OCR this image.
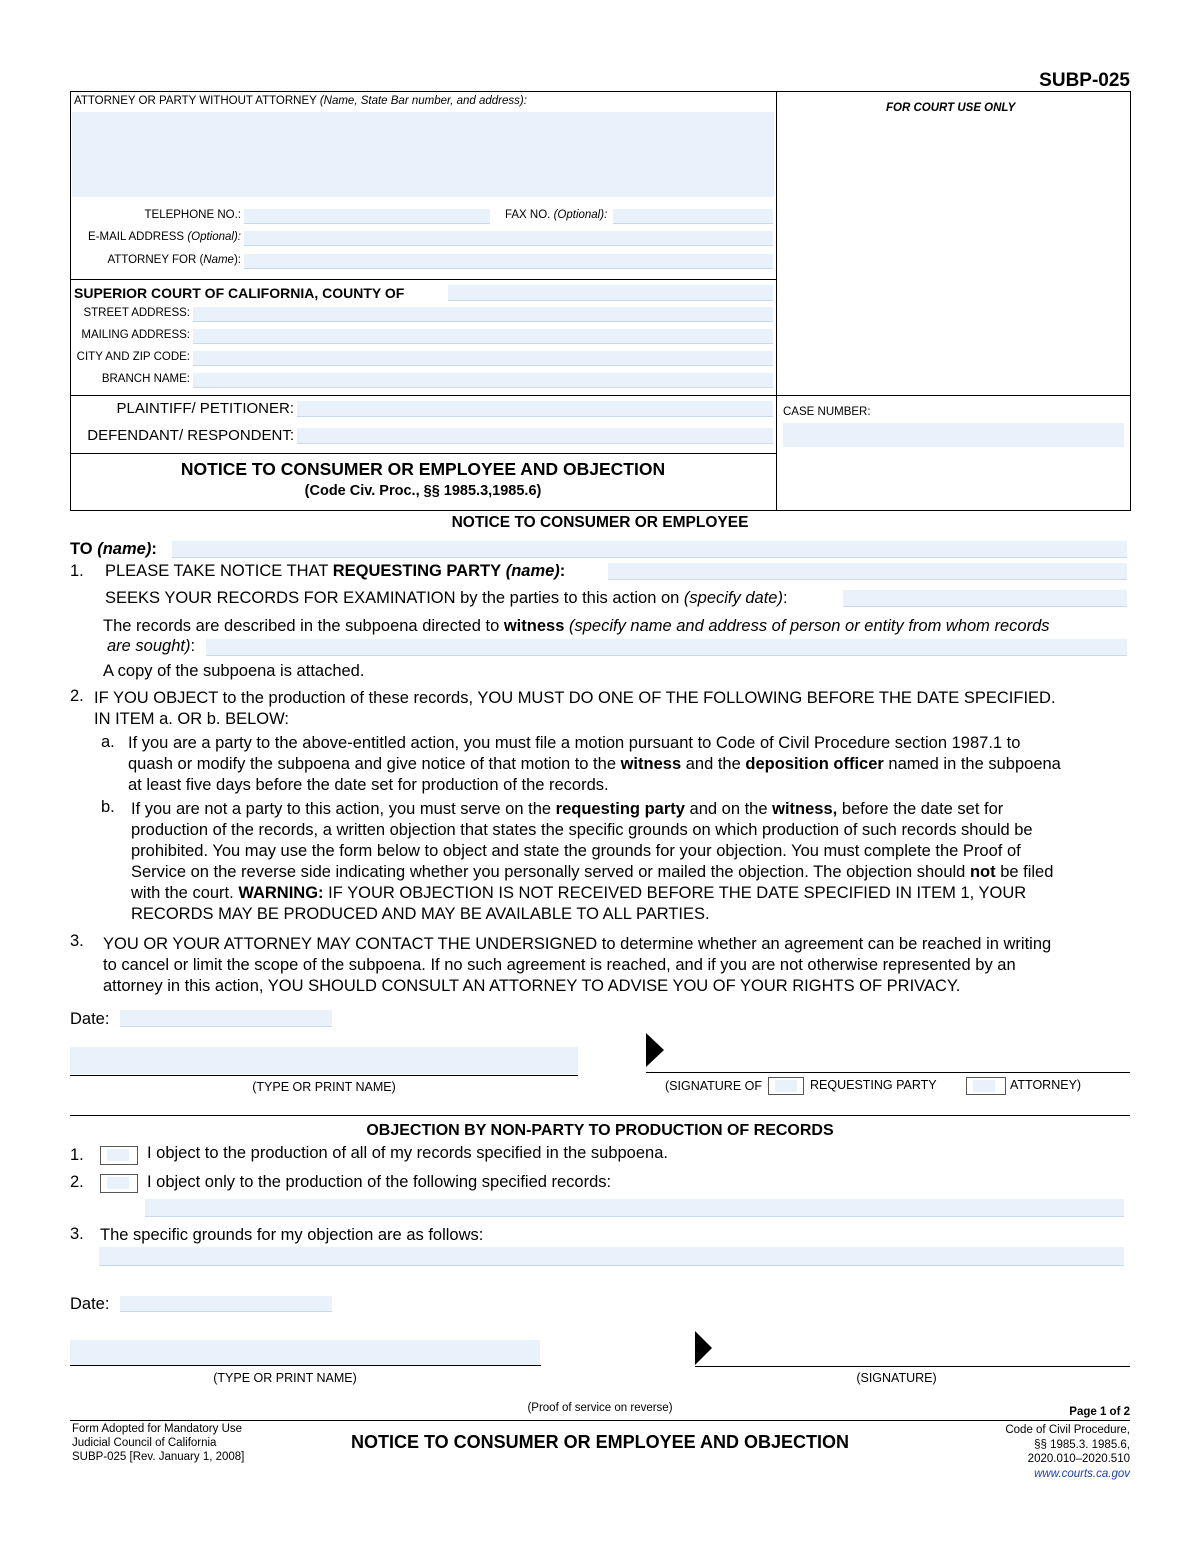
SUBP-025
ATTORNEY OR PARTY WITHOUT ATTORNEY (Name, State Bar number, and address):
FOR COURT USE ONLY
TELEPHONE NO.:	FAX NO. (Optional):
E-MAIL ADDRESS (Optional):
ATTORNEY FOR (Name):
SUPERIOR COURT OF CALIFORNIA, COUNTY OF
STREET ADDRESS:
MAILING ADDRESS:
CITY AND ZIP CODE:
BRANCH NAME:
PLAINTIFF/ PETITIONER:
DEFENDANT/ RESPONDENT:
CASE NUMBER:
NOTICE TO CONSUMER OR EMPLOYEE AND OBJECTION
(Code Civ. Proc., §§ 1985.3,1985.6)
NOTICE TO CONSUMER OR EMPLOYEE
TO (name):
1. PLEASE TAKE NOTICE THAT REQUESTING PARTY (name):
SEEKS YOUR RECORDS FOR EXAMINATION by the parties to this action on (specify date):
The records are described in the subpoena directed to witness (specify name and address of person or entity from whom records
are sought):
A copy of the subpoena is attached.
2. IF YOU OBJECT to the production of these records, YOU MUST DO ONE OF THE FOLLOWING BEFORE THE DATE SPECIFIED.
IN ITEM a. OR b. BELOW:
a. If you are a party to the above-entitled action, you must file a motion pursuant to Code of Civil Procedure section 1987.1 to

quash or modify the subpoena and give notice of that motion to the witness and the deposition officer named in the subpoena

at least five days before the date set for production of the records.

b. If you are not a party to this action, you must serve on the requesting party and on the witness, before the date set for

production of the records, a written objection that states the specific grounds on which production of such records should be

prohibited. You may use the form below to object and state the grounds for your objection. You must complete the Proof of

Service on the reverse side indicating whether you personally served or mailed the objection. The objection should not be filed

with the court. WARNING: IF YOUR OBJECTION IS NOT RECEIVED BEFORE THE DATE SPECIFIED IN ITEM 1, YOUR

RECORDS MAY BE PRODUCED AND MAY BE AVAILABLE TO ALL PARTIES.

3. YOU OR YOUR ATTORNEY MAY CONTACT THE UNDERSIGNED to determine whether an agreement can be reached in writing

to cancel or limit the scope of the subpoena. If no such agreement is reached, and if you are not otherwise represented by an

attorney in this action, YOU SHOULD CONSULT AN ATTORNEY TO ADVISE YOU OF YOUR RIGHTS OF PRIVACY.

Date:
(TYPE OR PRINT NAME)	(SIGNATURE OF	REQUESTING PARTY	ATTORNEY)
OBJECTION BY NON-PARTY TO PRODUCTION OF RECORDS
1.	I object to the production of all of my records specified in the subpoena.
2.	I object only to the production of the following specified records:
3. The specific grounds for my objection are as follows:
Date:
(TYPE OR PRINT NAME)	(SIGNATURE)
(Proof of service on reverse)	Page 1 of 2
Form Adopted for Mandatory Use
Judicial Council of California
SUBP-025 [Rev. January 1, 2008]
NOTICE TO CONSUMER OR EMPLOYEE AND OBJECTION
Code of Civil Procedure,
§§ 1985.3. 1985.6,
2020.010–2020.510
www.courts.ca.gov
